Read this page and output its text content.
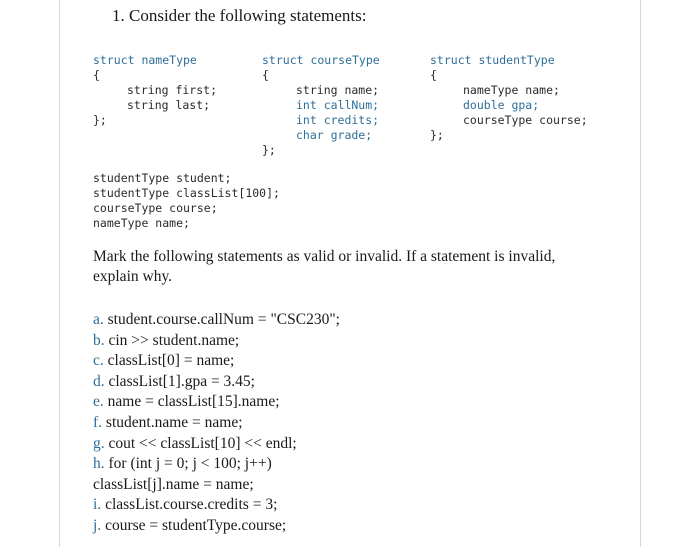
1. Consider the following statements:
struct nameType
{
string first;
string last;
};
struct courseType
{
string name;
int callNum;
int credits;
char grade;
};
struct studentType
{
nameType name;
double gpa;
courseType course;
};
studentType student;
studentType classList[100];
courseType course;
nameType name;

Mark the following statements as valid or invalid. If a statement is invalid, explain why.

a. student.course.callNum = "CSC230";
b. cin >> student.name;
c. classList[0] = name;
d. classList[1].gpa = 3.45;
e. name = classList[15].name;
f. student.name = name;
g. cout << classList[10] << endl;
h. for (int j = 0; j < 100; j++)
classList[j].name = name;
i. classList.course.credits = 3;
j. course = studentType.course;
